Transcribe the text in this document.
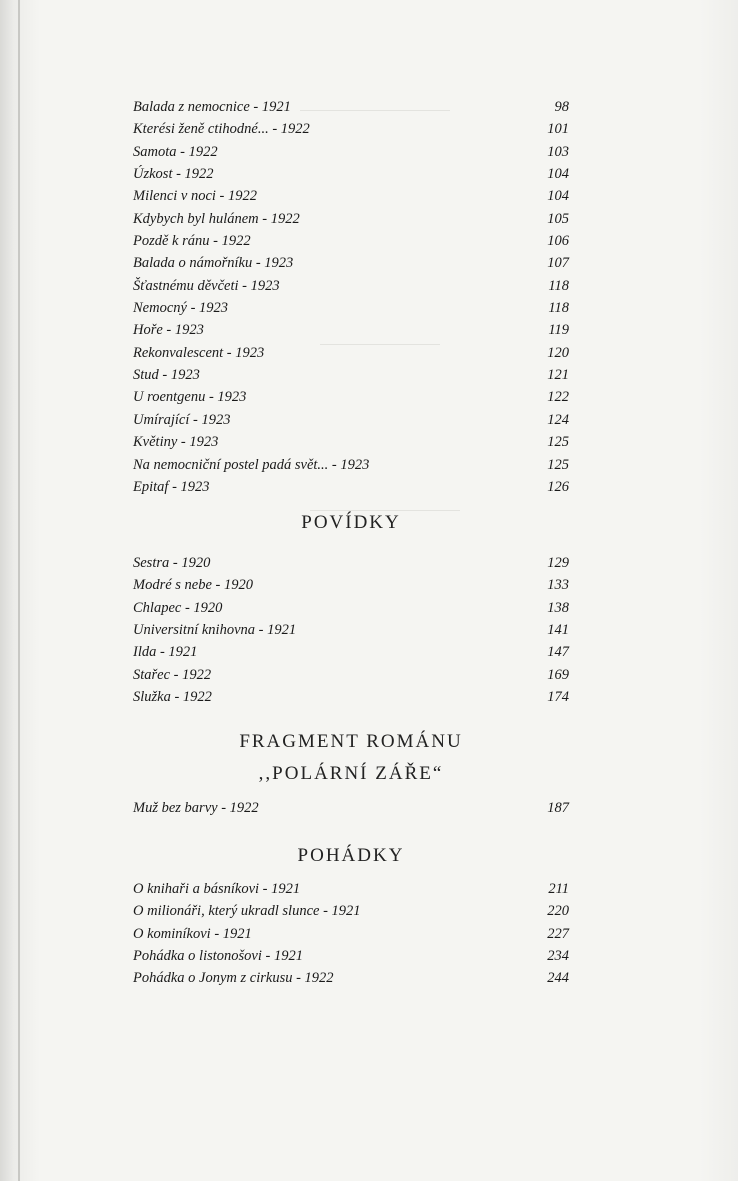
Balada z nemocnice - 1921	98
Kterési ženě ctihodné... - 1922	101
Samota - 1922	103
Úzkost - 1922	104
Milenci v noci - 1922	104
Kdybych byl hulánem - 1922	105
Pozdě k ránu - 1922	106
Balada o námořníku - 1923	107
Šťastnému děvčeti - 1923	118
Nemocný - 1923	118
Hoře - 1923	119
Rekonvalescent - 1923	120
Stud - 1923	121
U roentgenu - 1923	122
Umírající - 1923	124
Květiny - 1923	125
Na nemocniční postel padá svět... - 1923	125
Epitaf - 1923	126
POVÍDKY
Sestra - 1920	129
Modré s nebe - 1920	133
Chlapec - 1920	138
Universitní knihovna - 1921	141
Ilda - 1921	147
Stařec - 1922	169
Služka - 1922	174
FRAGMENT ROMÁNU
,,POLÁRNÍ ZÁŘE“
Muž bez barvy - 1922	187
POHÁDKY
O knihaři a básníkovi - 1921	211
O milionáři, který ukradl slunce - 1921	220
O kominíkovi - 1921	227
Pohádka o listonošovi - 1921	234
Pohádka o Jonym z cirkusu - 1922	244
